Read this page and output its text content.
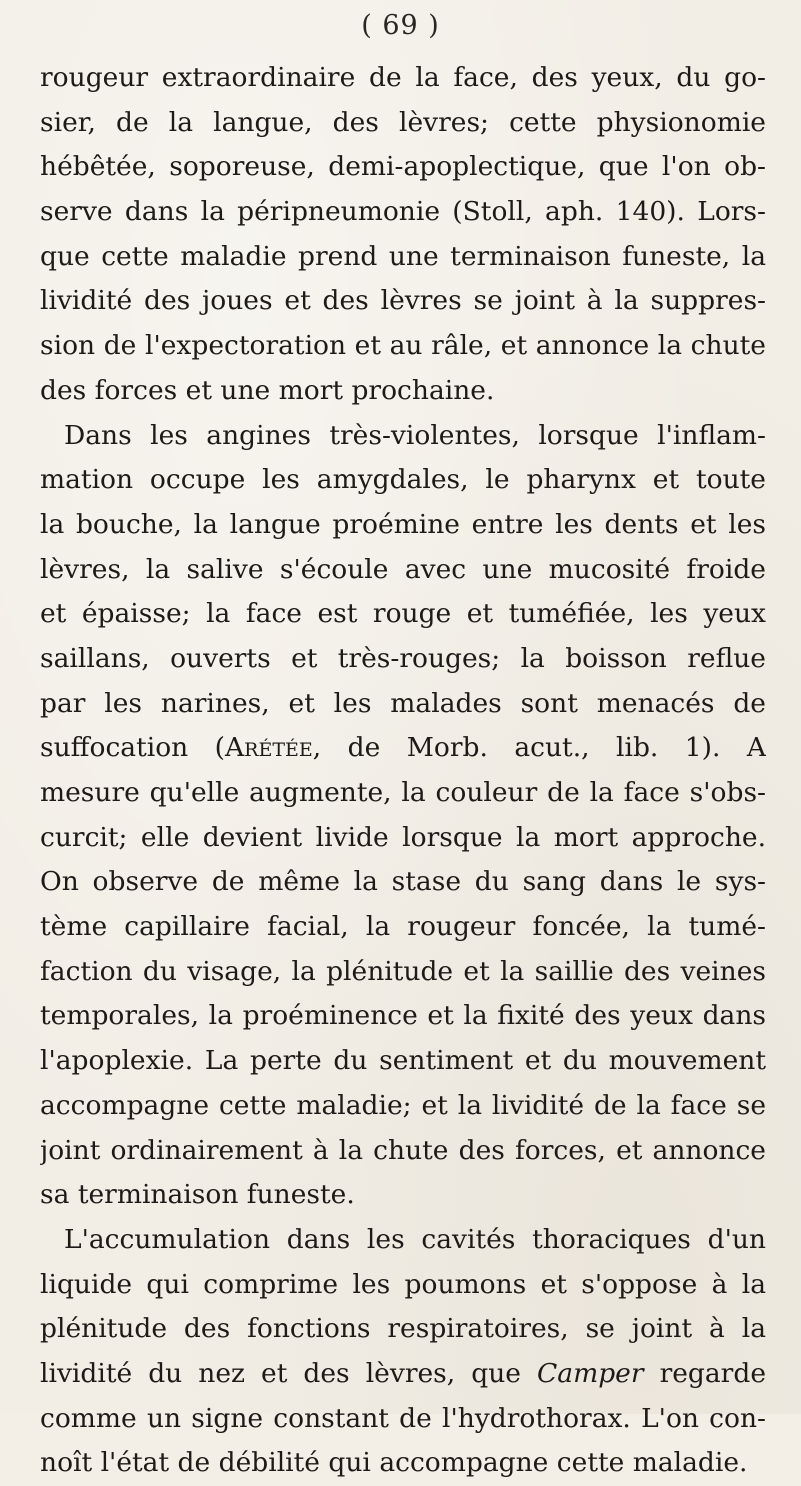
( 69 )
rougeur extraordinaire de la face, des yeux, du go-
sier, de la langue, des lèvres; cette physionomie
hébêtée, soporeuse, demi-apoplectique, que l'on ob-
serve dans la péripneumonie (Stoll, aph. 140). Lors-
que cette maladie prend une terminaison funeste, la
lividité des joues et des lèvres se joint à la suppres-
sion de l'expectoration et au râle, et annonce la chute
des forces et une mort prochaine.
Dans les angines très-violentes, lorsque l'inflam-
mation occupe les amygdales, le pharynx et toute
la bouche, la langue proémine entre les dents et les
lèvres, la salive s'écoule avec une mucosité froide
et épaisse; la face est rouge et tuméfiée, les yeux
saillans, ouverts et très-rouges; la boisson reflue
par les narines, et les malades sont menacés de
suffocation (Arétée, de Morb. acut., lib. 1). A
mesure qu'elle augmente, la couleur de la face s'obs-
curcit; elle devient livide lorsque la mort approche.
On observe de même la stase du sang dans le sys-
tème capillaire facial, la rougeur foncée, la tumé-
faction du visage, la plénitude et la saillie des veines
temporales, la proéminence et la fixité des yeux dans
l'apoplexie. La perte du sentiment et du mouvement
accompagne cette maladie; et la lividité de la face se
joint ordinairement à la chute des forces, et annonce
sa terminaison funeste.
L'accumulation dans les cavités thoraciques d'un
liquide qui comprime les poumons et s'oppose à la
plénitude des fonctions respiratoires, se joint à la
lividité du nez et des lèvres, que Camper regarde
comme un signe constant de l'hydrothorax. L'on con-
noît l'état de débilité qui accompagne cette maladie.
